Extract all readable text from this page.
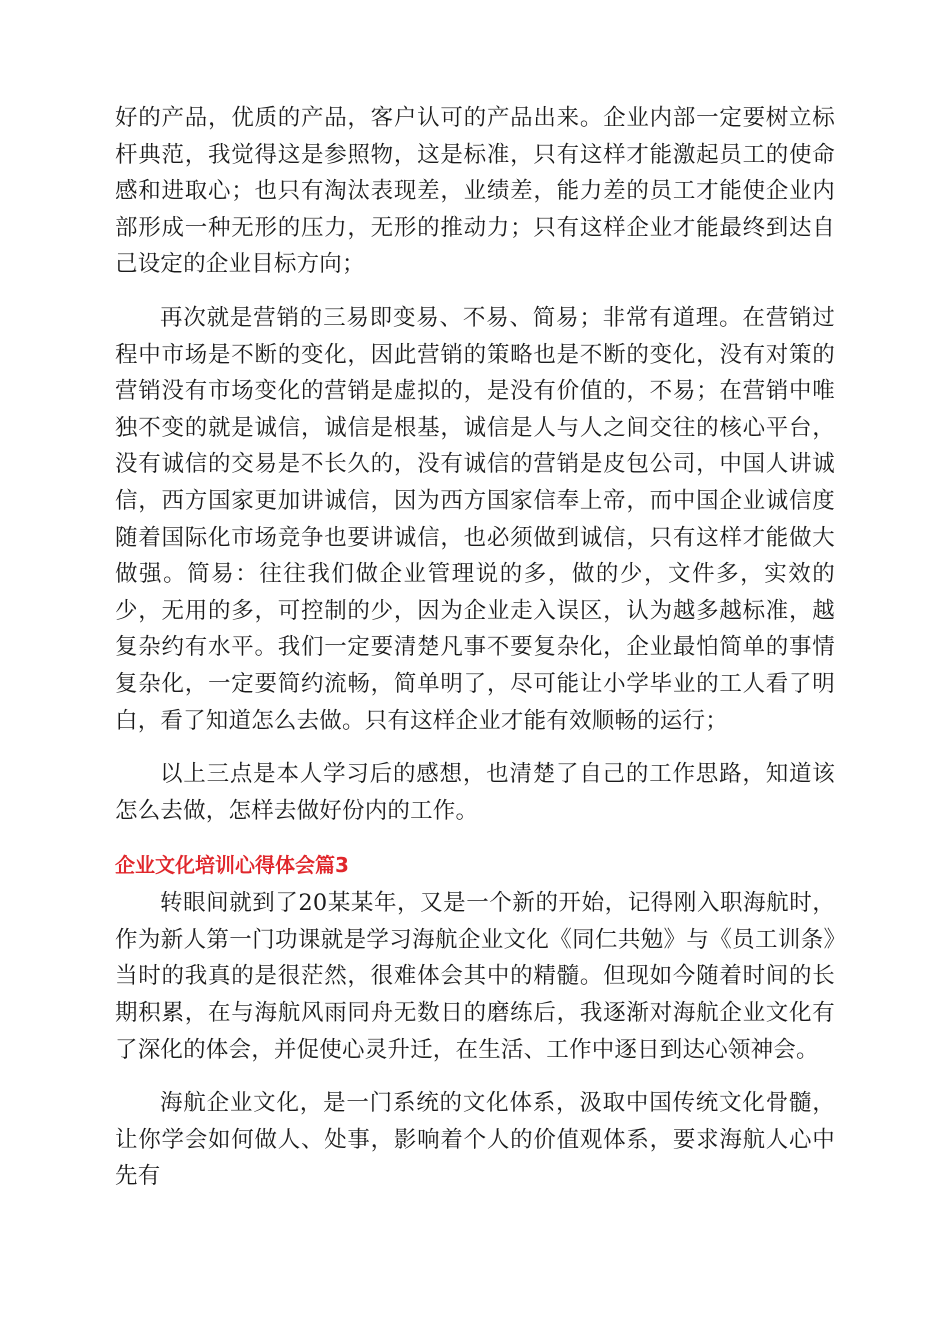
好的产品，优质的产品，客户认可的产品出来。企业内部一定要树立标杆典范，我觉得这是参照物，这是标准，只有这样才能激起员工的使命感和进取心；也只有淘汰表现差，业绩差，能力差的员工才能使企业内部形成一种无形的压力，无形的推动力；只有这样企业才能最终到达自己设定的企业目标方向；

再次就是营销的三易即变易、不易、简易；非常有道理。在营销过程中市场是不断的变化，因此营销的策略也是不断的变化，没有对策的营销没有市场变化的营销是虚拟的，是没有价值的，不易；在营销中唯独不变的就是诚信，诚信是根基，诚信是人与人之间交往的核心平台，没有诚信的交易是不长久的，没有诚信的营销是皮包公司，中国人讲诚信，西方国家更加讲诚信，因为西方国家信奉上帝，而中国企业诚信度随着国际化市场竞争也要讲诚信，也必须做到诚信，只有这样才能做大做强。简易：往往我们做企业管理说的多，做的少，文件多，实效的少，无用的多，可控制的少，因为企业走入误区，认为越多越标准，越复杂约有水平。我们一定要清楚凡事不要复杂化，企业最怕简单的事情复杂化，一定要简约流畅，简单明了，尽可能让小学毕业的工人看了明白，看了知道怎么去做。只有这样企业才能有效顺畅的运行；

以上三点是本人学习后的感想，也清楚了自己的工作思路，知道该怎么去做，怎样去做好份内的工作。

企业文化培训心得体会篇3

转眼间就到了20某某年，又是一个新的开始，记得刚入职海航时，作为新人第一门功课就是学习海航企业文化《同仁共勉》与《员工训条》当时的我真的是很茫然，很难体会其中的精髓。但现如今随着时间的长期积累，在与海航风雨同舟无数日的磨练后，我逐渐对海航企业文化有了深化的体会，并促使心灵升迁，在生活、工作中逐日到达心领神会。

海航企业文化，是一门系统的文化体系，汲取中国传统文化骨髓，让你学会如何做人、处事，影响着个人的价值观体系，要求海航人心中先有
